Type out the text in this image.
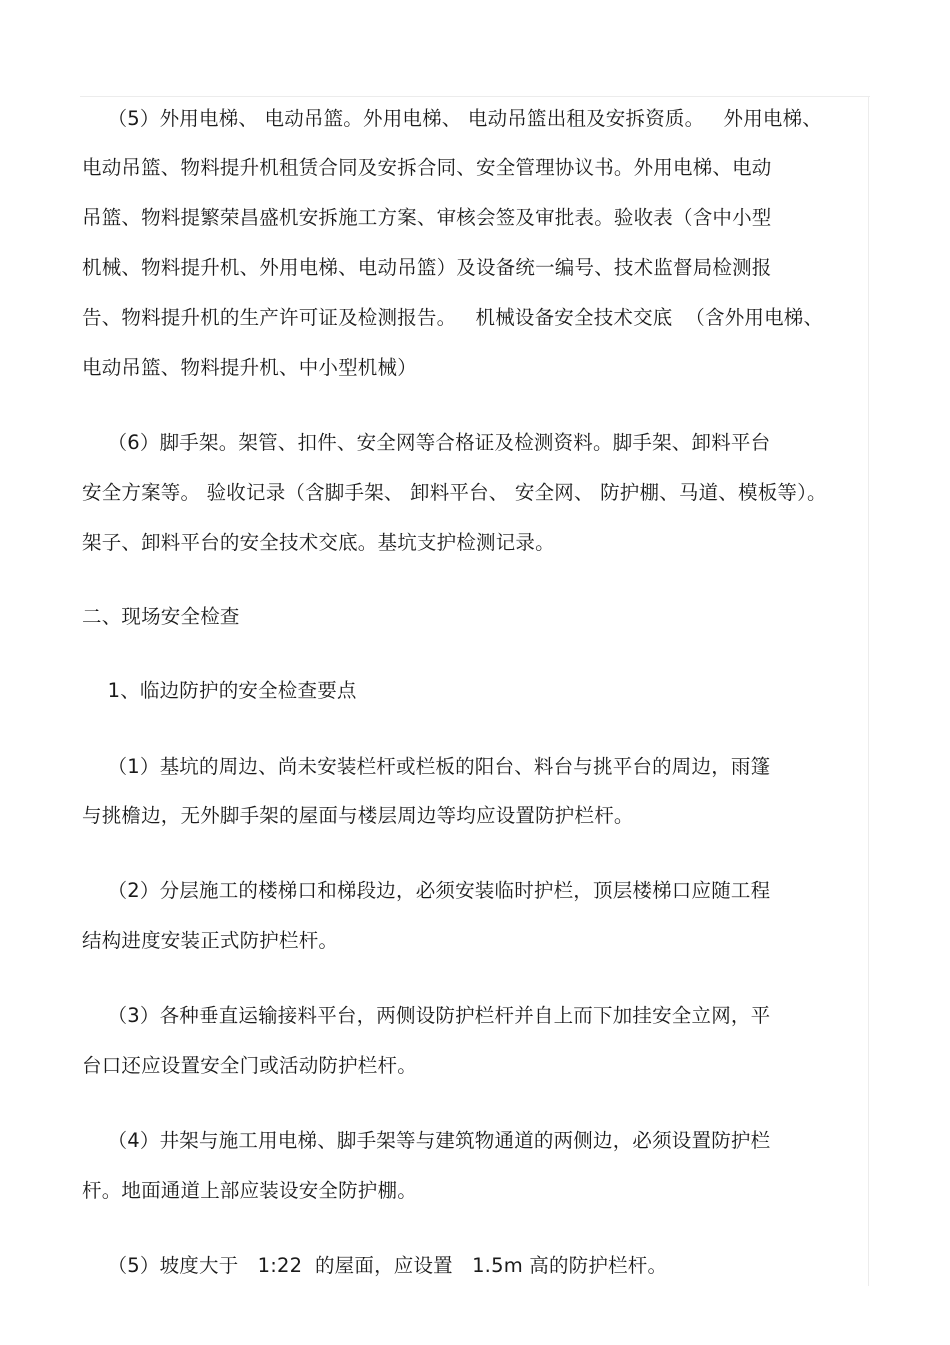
（5）外用电梯、 电动吊篮。外用电梯、 电动吊篮出租及安拆资质。   外用电梯、
电动吊篮、物料提升机租赁合同及安拆合同、安全管理协议书。外用电梯、电动
吊篮、物料提繁荣昌盛机安拆施工方案、审核会签及审批表。验收表（含中小型
机械、物料提升机、外用电梯、电动吊篮）及设备统一编号、技术监督局检测报
告、物料提升机的生产许可证及检测报告。   机械设备安全技术交底  （含外用电梯、
电动吊篮、物料提升机、中小型机械）
（6）脚手架。架管、扣件、安全网等合格证及检测资料。脚手架、卸料平台
安全方案等。 验收记录（含脚手架、 卸料平台、 安全网、 防护棚、马道、模板等）。
架子、卸料平台的安全技术交底。基坑支护检测记录。
二、现场安全检查
1、临边防护的安全检查要点
（1）基坑的周边、尚未安装栏杆或栏板的阳台、料台与挑平台的周边，雨篷
与挑檐边，无外脚手架的屋面与楼层周边等均应设置防护栏杆。
（2）分层施工的楼梯口和梯段边，必须安装临时护栏，顶层楼梯口应随工程
结构进度安装正式防护栏杆。
（3）各种垂直运输接料平台，两侧设防护栏杆并自上而下加挂安全立网，平
台口还应设置安全门或活动防护栏杆。
（4）井架与施工用电梯、脚手架等与建筑物通道的两侧边，必须设置防护栏
杆。地面通道上部应装设安全防护棚。
（5）坡度大于   1:22  的屋面，应设置   1.5m 高的防护栏杆。
